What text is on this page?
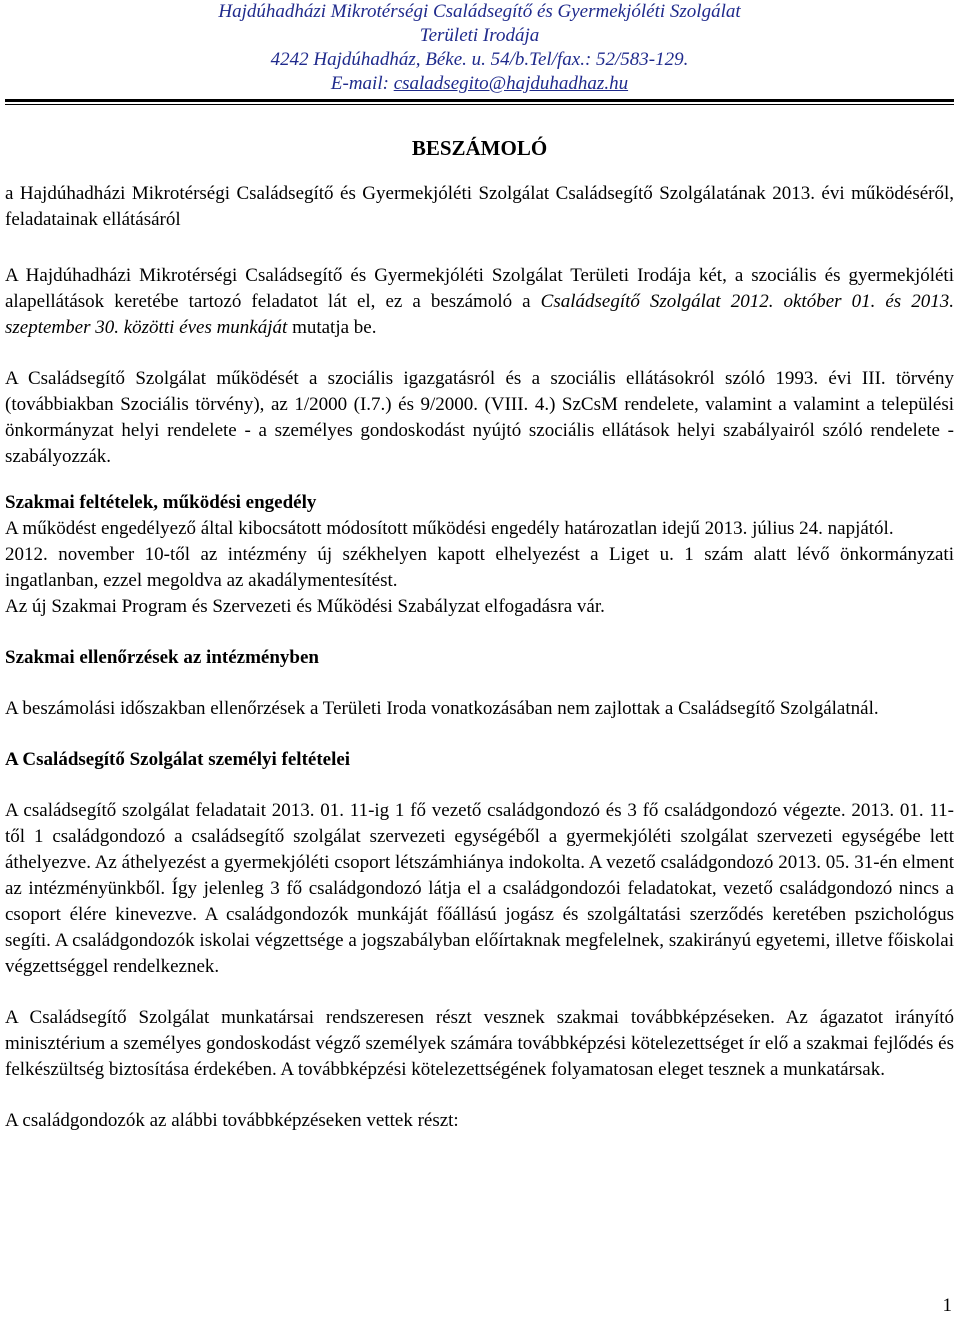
Hajdúhadházi Mikrotérségi Családsegítő és Gyermekjóléti Szolgálat
Területi Irodája
4242 Hajdúhadház, Béke. u. 54/b.Tel/fax.: 52/583-129.
E-mail: csaladsegito@hajduhadhaz.hu
BESZÁMOLÓ

a Hajdúhadházi Mikrotérségi Családsegítő és Gyermekjóléti Szolgálat Családsegítő Szolgálatának 2013. évi működéséről, feladatainak ellátásáról

A Hajdúhadházi Mikrotérségi Családsegítő és Gyermekjóléti Szolgálat Területi Irodája két, a szociális és gyermekjóléti alapellátások keretébe tartozó feladatot lát el, ez a beszámoló a Családsegítő Szolgálat 2012. október 01. és 2013. szeptember 30. közötti éves munkáját mutatja be.

A Családsegítő Szolgálat működését a szociális igazgatásról és a szociális ellátásokról szóló 1993. évi III. törvény (továbbiakban Szociális törvény), az 1/2000 (I.7.) és 9/2000. (VIII. 4.) SzCsM rendelete, valamint a valamint a települési önkormányzat helyi rendelete - a személyes gondoskodást nyújtó szociális ellátások helyi szabályairól szóló rendelete - szabályozzák.

Szakmai feltételek, működési engedély

A működést engedélyező által kibocsátott módosított működési engedély határozatlan idejű 2013. július 24. napjától.

2012. november 10-től az intézmény új székhelyen kapott elhelyezést a Liget u. 1 szám alatt lévő önkormányzati ingatlanban, ezzel megoldva az akadálymentesítést.

Az új Szakmai Program és Szervezeti és Működési Szabályzat elfogadásra vár.

Szakmai ellenőrzések az intézményben

A beszámolási időszakban ellenőrzések a Területi Iroda vonatkozásában nem zajlottak a Családsegítő Szolgálatnál.

A Családsegítő Szolgálat személyi feltételei

A családsegítő szolgálat feladatait 2013. 01. 11-ig 1 fő vezető családgondozó és 3 fő családgondozó végezte. 2013. 01. 11-től 1 családgondozó a családsegítő szolgálat szervezeti egységéből a gyermekjóléti szolgálat szervezeti egységébe lett áthelyezve. Az áthelyezést a gyermekjóléti csoport létszámhiánya indokolta. A vezető családgondozó 2013. 05. 31-én elment az intézményünkből. Így jelenleg 3 fő családgondozó látja el a családgondozói feladatokat, vezető családgondozó nincs a csoport élére kinevezve. A családgondozók munkáját főállású jogász és szolgáltatási szerződés keretében pszichológus segíti. A családgondozók iskolai végzettsége a jogszabályban előírtaknak megfelelnek, szakirányú egyetemi, illetve főiskolai végzettséggel rendelkeznek.

A Családsegítő Szolgálat munkatársai rendszeresen részt vesznek szakmai továbbképzéseken. Az ágazatot irányító minisztérium a személyes gondoskodást végző személyek számára továbbképzési kötelezettséget ír elő a szakmai fejlődés és felkészültség biztosítása érdekében. A továbbképzési kötelezettségének folyamatosan eleget tesznek a munkatársak.

A családgondozók az alábbi továbbképzéseken vettek részt:

1
